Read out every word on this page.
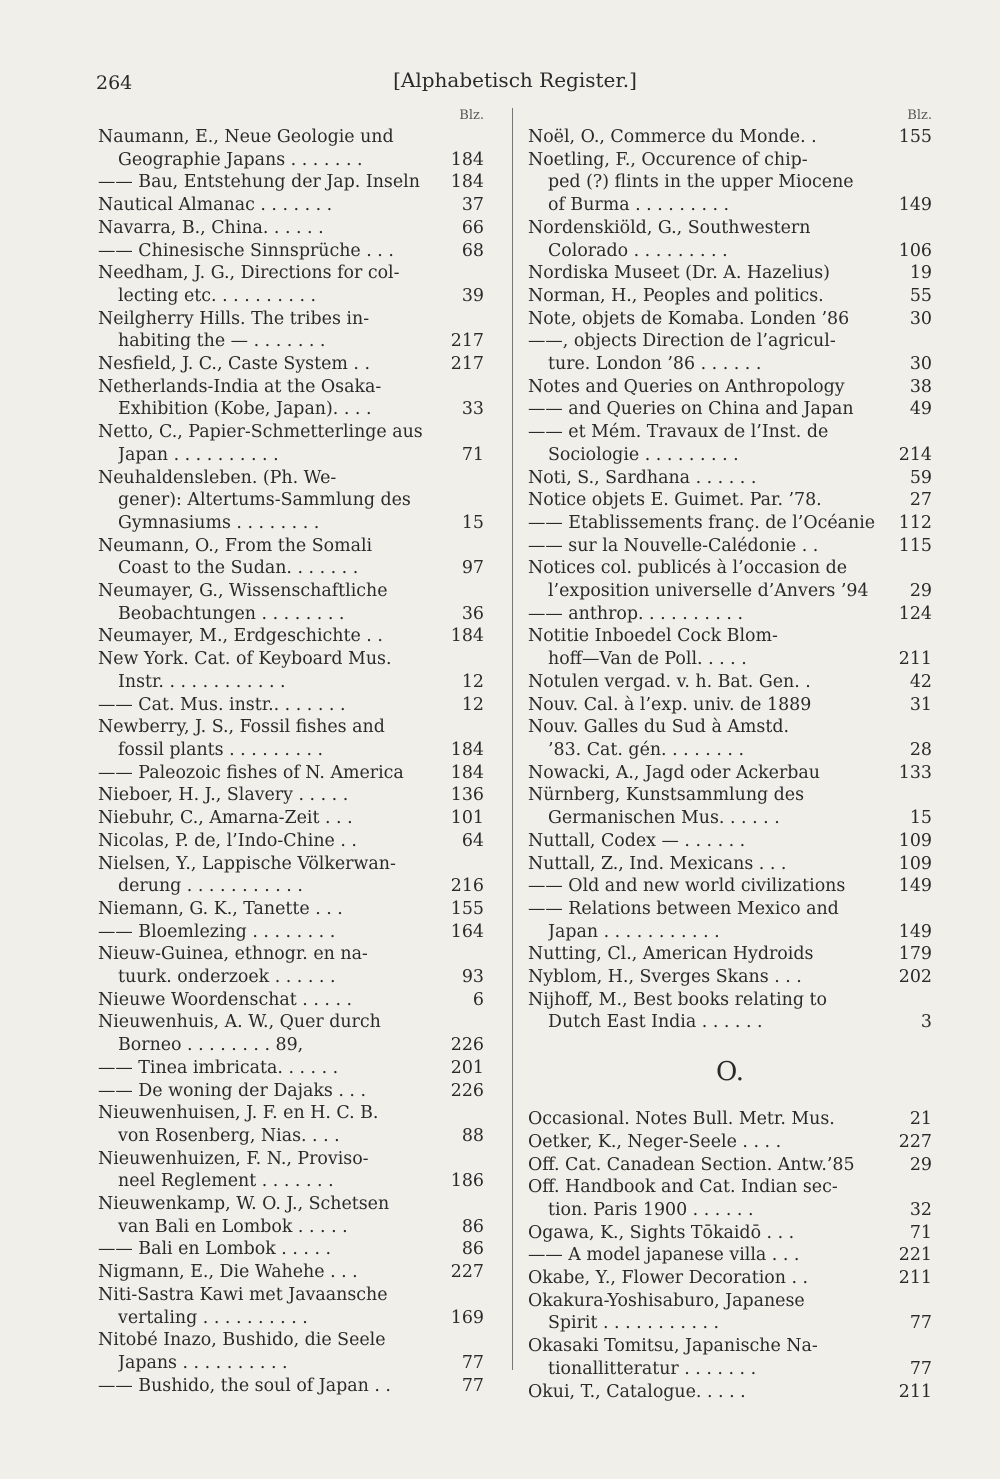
264	[Alphabetisch Register.]
Blz.
Naumann, E., Neue Geologie und
Geographie Japans . . . . . . .	184
—— Bau, Entstehung der Jap. Inseln 184
Nautical Almanac . . . . . . .	37
Navarra, B., China. . . . . .	66
—— Chinesische Sinnsprüche . . .	68
Needham, J. G., Directions for col-
lecting etc. . . . . . . . . .	39
Neilgherry Hills. The tribes in-
habiting the — . . . . . . .	217
Nesfield, J. C., Caste System . .	217
Netherlands-India at the Osaka-
Exhibition (Kobe, Japan). . . .	33
Netto, C., Papier-Schmetterlinge aus
Japan . . . . . . . . . .	71
Neuhaldensleben. (Ph. We-
gener): Altertums-Sammlung des
Gymnasiums . . . . . . . .	15
Neumann, O., From the Somali
Coast to the Sudan. . . . . . .	97
Neumayer, G., Wissenschaftliche
Beobachtungen . . . . . . . .	36
Neumayer, M., Erdgeschichte . .	184
New York. Cat. of Keyboard Mus.
Instr. . . . . . . . . . . .	12
—— Cat. Mus. instr.. . . . . . .	12
Newberry, J. S., Fossil fishes and
fossil plants . . . . . . . . .	184
—— Paleozoic fishes of N. America	184
Nieboer, H. J., Slavery . . . . .	136
Niebuhr, C., Amarna-Zeit . . .	101
Nicolas, P. de, l’Indo-Chine . .	64
Nielsen, Y., Lappische Völkerwan-
derung . . . . . . . . . . .	216
Niemann, G. K., Tanette . . .	155
—— Bloemlezing . . . . . . . .	164
Nieuw-Guinea, ethnogr. en na-
tuurk. onderzoek . . . . . .	93
Nieuwe Woordenschat . . . . .	6
Nieuwenhuis, A. W., Quer durch
Borneo . . . . . . . . 89,	226
—— Tinea imbricata. . . . . .	201
—— De woning der Dajaks . . .	226
Nieuwenhuisen, J. F. en H. C. B.
von Rosenberg, Nias. . . .	88
Nieuwenhuizen, F. N., Proviso-
neel Reglement . . . . . . .	186
Nieuwenkamp, W. O. J., Schetsen
van Bali en Lombok . . . . .	86
—— Bali en Lombok . . . . .	86
Nigmann, E., Die Wahehe . . .	227
Niti-Sastra Kawi met Javaansche
vertaling . . . . . . . . . .	169
Nitobé Inazo, Bushido, die Seele
Japans . . . . . . . . . .	77
—— Bushido, the soul of Japan . .	77
Blz.
Noël, O., Commerce du Monde. .	155
Noetling, F., Occurence of chip-
ped (?) flints in the upper Miocene
of Burma . . . . . . . . .	149
Nordenskiöld, G., Southwestern
Colorado . . . . . . . . .	106
Nordiska Museet (Dr. A. Hazelius)	19
Norman, H., Peoples and politics.	55
Note, objets de Komaba. Londen ’86	30
——, objects Direction de l’agricul-
ture. London ’86 . . . . . .	30
Notes and Queries on Anthropology	38
—— and Queries on China and Japan	49
—— et Mém. Travaux de l’Inst. de
Sociologie . . . . . . . . .	214
Noti, S., Sardhana . . . . . .	59
Notice objets E. Guimet. Par. ’78.	27
—— Etablissements franç. de l’Océanie 112
—— sur la Nouvelle-Calédonie . .	115
Notices col. publicés à l’occasion de
l’exposition universelle d’Anvers ’94 29
—— anthrop. . . . . . . . . .	124
Notitie Inboedel Cock Blom-
hoff—Van de Poll. . . . .	211
Notulen vergad. v. h. Bat. Gen. .	42
Nouv. Cal. à l’exp. univ. de 1889	31
Nouv. Galles du Sud à Amstd.
’83. Cat. gén. . . . . . . .	28
Nowacki, A., Jagd oder Ackerbau	133
Nürnberg, Kunstsammlung des
Germanischen Mus. . . . . .	15
Nuttall, Codex — . . . . . .	109
Nuttall, Z., Ind. Mexicans . . .	109
—— Old and new world civilizations	149
—— Relations between Mexico and
Japan . . . . . . . . . . .	149
Nutting, Cl., American Hydroids	179
Nyblom, H., Sverges Skans . . .	202
Nijhoff, M., Best books relating to
Dutch East India . . . . . .	3
O.
Occasional. Notes Bull. Metr. Mus.	21
Oetker, K., Neger-Seele . . . .	227
Off. Cat. Canadean Section. Antw.’85	29
Off. Handbook and Cat. Indian sec-
tion. Paris 1900 . . . . . .	32
Ogawa, K., Sights Tōkaidō . . .	71
—— A model japanese villa . . .	221
Okabe, Y., Flower Decoration . .	211
Okakura-Yoshisaburo, Japanese
Spirit . . . . . . . . . . .	77
Okasaki Tomitsu, Japanische Na-
tionallitteratur . . . . . . .	77
Okui, T., Catalogue. . . . .	211
